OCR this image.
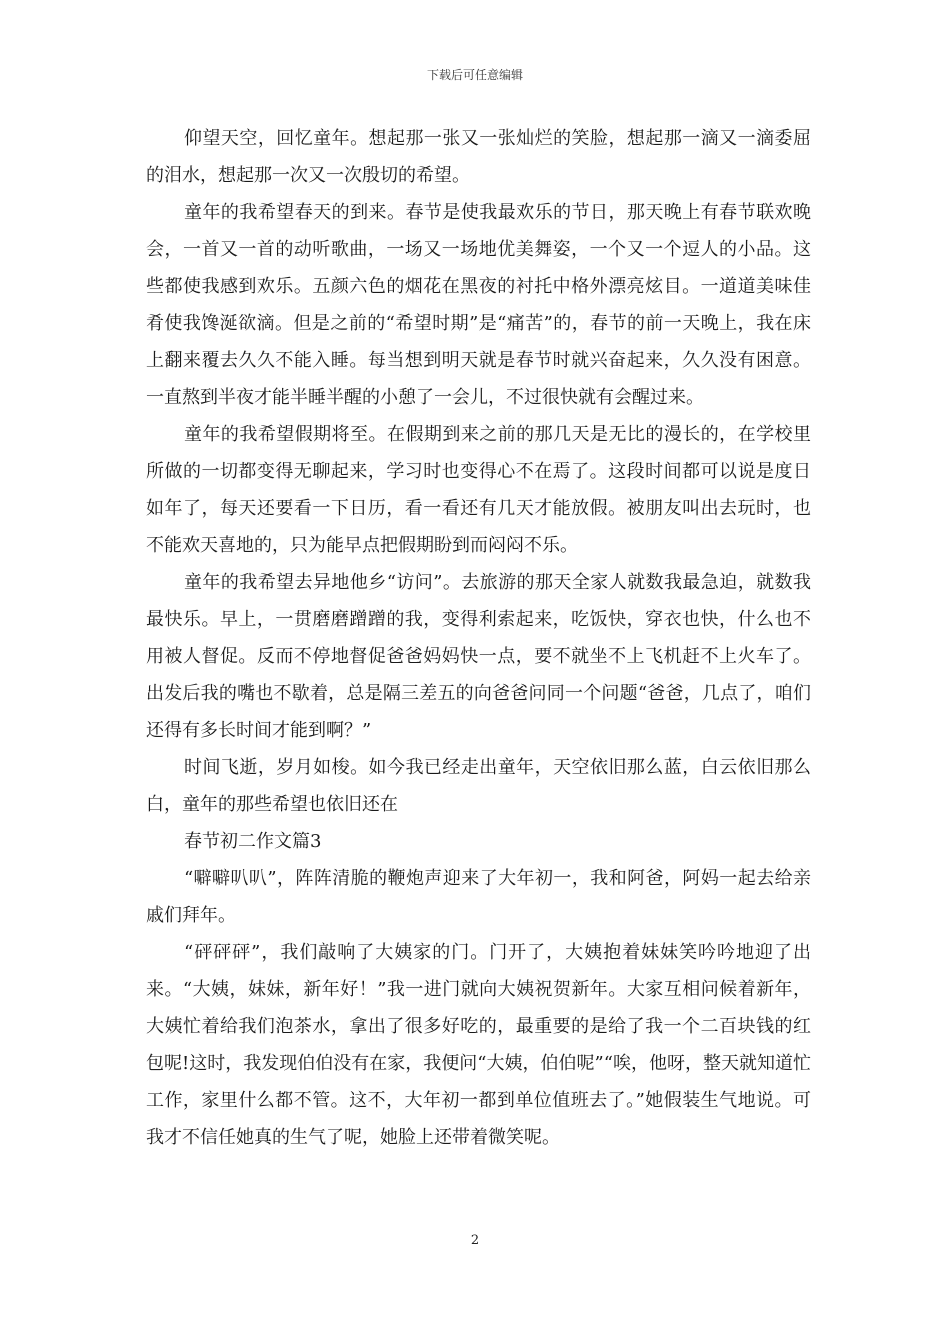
下载后可任意编辑

仰望天空，回忆童年。想起那一张又一张灿烂的笑脸，想起那一滴又一滴委屈的泪水，想起那一次又一次殷切的希望。

童年的我希望春天的到来。春节是使我最欢乐的节日，那天晚上有春节联欢晚会，一首又一首的动听歌曲，一场又一场地优美舞姿，一个又一个逗人的小品。这些都使我感到欢乐。五颜六色的烟花在黑夜的衬托中格外漂亮炫目。一道道美味佳肴使我馋涎欲滴。但是之前的“希望时期”是“痛苦”的，春节的前一天晚上，我在床上翻来覆去久久不能入睡。每当想到明天就是春节时就兴奋起来，久久没有困意。一直熬到半夜才能半睡半醒的小憩了一会儿，不过很快就有会醒过来。

童年的我希望假期将至。在假期到来之前的那几天是无比的漫长的，在学校里所做的一切都变得无聊起来，学习时也变得心不在焉了。这段时间都可以说是度日如年了，每天还要看一下日历，看一看还有几天才能放假。被朋友叫出去玩时，也不能欢天喜地的，只为能早点把假期盼到而闷闷不乐。

童年的我希望去异地他乡“访问”。去旅游的那天全家人就数我最急迫，就数我最快乐。早上，一贯磨磨蹭蹭的我，变得利索起来，吃饭快，穿衣也快，什么也不用被人督促。反而不停地督促爸爸妈妈快一点，要不就坐不上飞机赶不上火车了。出发后我的嘴也不歇着，总是隔三差五的向爸爸问同一个问题“爸爸，几点了，咱们还得有多长时间才能到啊？”

时间飞逝，岁月如梭。如今我已经走出童年，天空依旧那么蓝，白云依旧那么白，童年的那些希望也依旧还在

春节初二作文篇3

“噼噼叭叭”，阵阵清脆的鞭炮声迎来了大年初一，我和阿爸，阿妈一起去给亲戚们拜年。

“砰砰砰”，我们敲响了大姨家的门。门开了，大姨抱着妹妹笑吟吟地迎了出来。“大姨，妹妹，新年好！”我一进门就向大姨祝贺新年。大家互相问候着新年，大姨忙着给我们泡茶水，拿出了很多好吃的，最重要的是给了我一个二百块钱的红包呢!这时，我发现伯伯没有在家，我便问“大姨，伯伯呢”“唉，他呀，整天就知道忙工作，家里什么都不管。这不，大年初一都到单位值班去了。”她假装生气地说。可我才不信任她真的生气了呢，她脸上还带着微笑呢。

2
